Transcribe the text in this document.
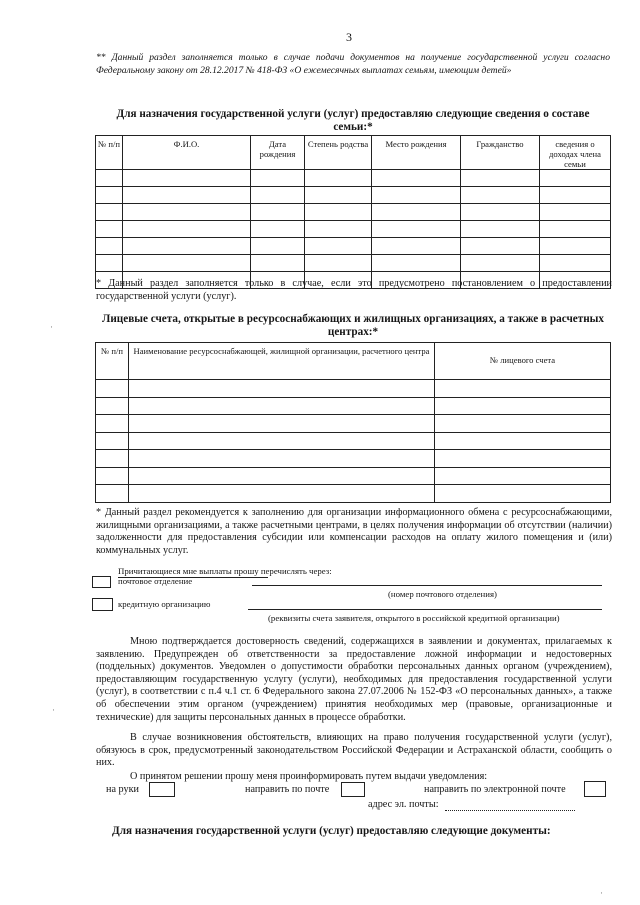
3
** Данный раздел заполняется только в случае подачи документов на получение государственной услуги согласно Федеральному закону от 28.12.2017 № 418-ФЗ «О ежемесячных выплатах семьям, имеющим детей»
Для назначения государственной услуги (услуг) предоставляю следующие сведения о составе семьи:*
№ п/п	Ф.И.О.	Дата рождения	Степень родства	Место рождения	Гражданство	сведения о доходах члена семьи

* Данный раздел заполняется только в случае, если это предусмотрено постановлением о предоставлении государственной услуги (услуг).
Лицевые счета, открытые в ресурсоснабжающих и жилищных организациях, а также в расчетных центрах:*
№ п/п	Наименование ресурсоснабжающей, жилищной организации, расчетного центра	№ лицевого счета

* Данный раздел рекомендуется к заполнению для организации информационного обмена с ресурсоснабжающими, жилищными организациями, а также расчетными центрами, в целях получения информации об отсутствии (наличии) задолженности для предоставления субсидии или компенсации расходов на оплату жилого помещения и (или) коммунальных услуг.
Причитающиеся мне выплаты прошу перечислять через:
почтовое отделение
(номер почтового отделения)
кредитную организацию
(реквизиты счета заявителя, открытого в российской кредитной организации)
Мною подтверждается достоверность сведений, содержащихся в заявлении и документах, прилагаемых к заявлению. Предупрежден об ответственности за предоставление ложной информации и недостоверных (поддельных) документов. Уведомлен о допустимости обработки персональных данных органом (учреждением), предоставляющим государственную услугу (услуги), необходимых для предоставления государственной услуги (услуг), в соответствии с п.4 ч.1 ст. 6 Федерального закона 27.07.2006 № 152-ФЗ «О персональных данных», а также об обеспечении этим органом (учреждением) принятия необходимых мер (правовые, организационные и технические) для защиты персональных данных в процессе обработки.
В случае возникновения обстоятельств, влияющих на право получения государственной услуги (услуг), обязуюсь в срок, предусмотренный законодательством Российской Федерации и Астраханской области, сообщить о них.
О принятом решении прошу меня проинформировать путем выдачи уведомления:
на руки	направить по почте	направить по электронной почте
адрес эл. почты:
Для назначения государственной услуги (услуг) предоставляю следующие документы:
·
·
·
